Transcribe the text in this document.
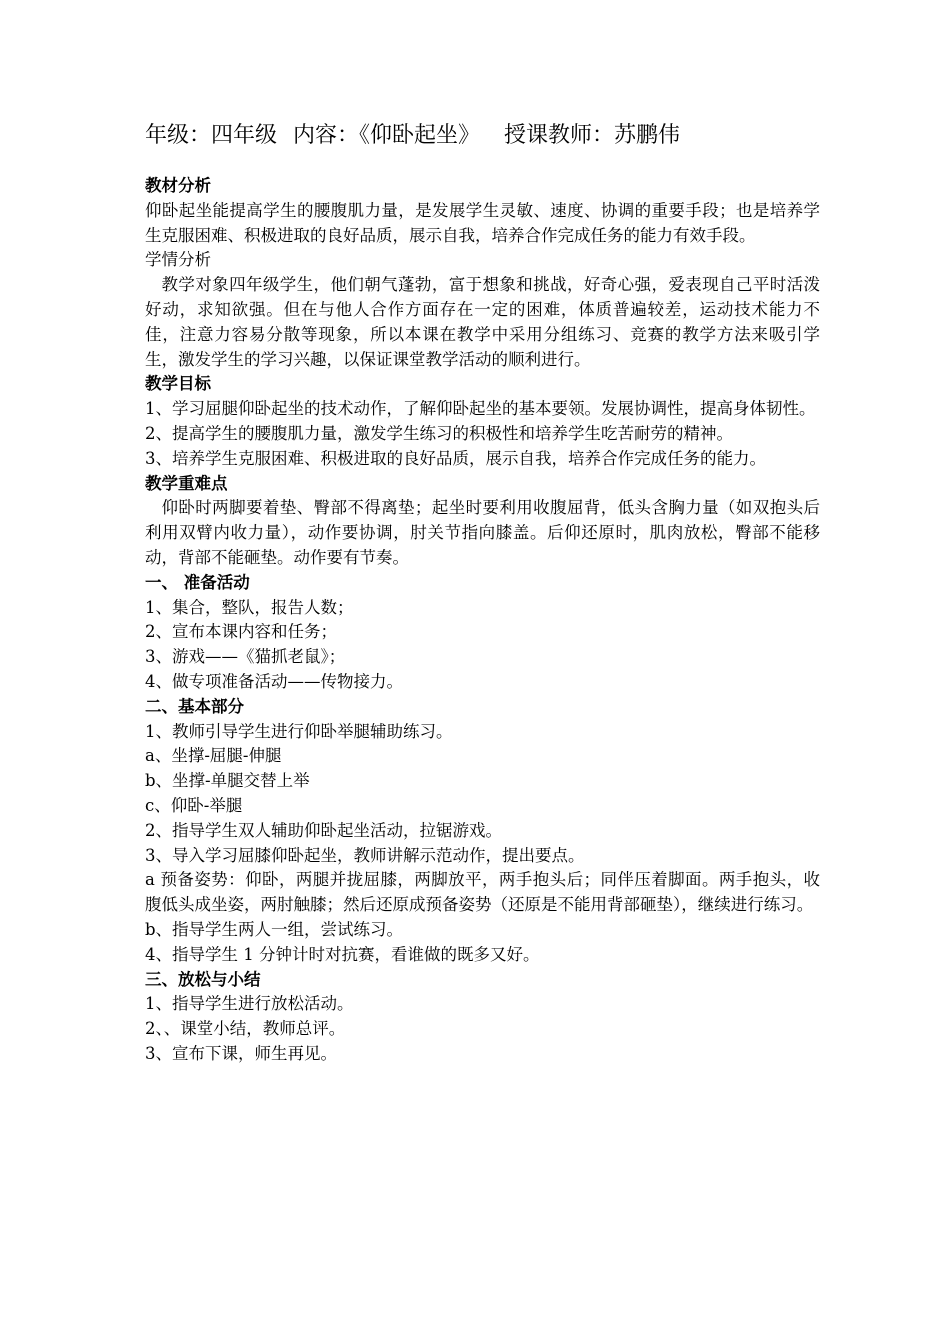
年级：四年级 内容：《仰卧起坐》 授课教师：苏鹏伟
教材分析
仰卧起坐能提高学生的腰腹肌力量，是发展学生灵敏、速度、协调的重要手段；也是培养学生克服困难、积极进取的良好品质，展示自我，培养合作完成任务的能力有效手段。
学情分析
教学对象四年级学生，他们朝气蓬勃，富于想象和挑战，好奇心强，爱表现自己平时活泼好动，求知欲强。但在与他人合作方面存在一定的困难，体质普遍较差，运动技术能力不佳，注意力容易分散等现象，所以本课在教学中采用分组练习、竞赛的教学方法来吸引学生，激发学生的学习兴趣，以保证课堂教学活动的顺利进行。
教学目标
1、学习屈腿仰卧起坐的技术动作，了解仰卧起坐的基本要领。发展协调性，提高身体韧性。
2、提高学生的腰腹肌力量，激发学生练习的积极性和培养学生吃苦耐劳的精神。
3、培养学生克服困难、积极进取的良好品质，展示自我，培养合作完成任务的能力。
教学重难点
仰卧时两脚要着垫、臀部不得离垫；起坐时要利用收腹屈背，低头含胸力量（如双抱头后利用双臂内收力量），动作要协调，肘关节指向膝盖。后仰还原时，肌肉放松，臀部不能移动，背部不能砸垫。动作要有节奏。
一、 准备活动
1、集合，整队，报告人数；
2、宣布本课内容和任务；
3、游戏——《猫抓老鼠》；
4、做专项准备活动——传物接力。
二、基本部分
1、教师引导学生进行仰卧举腿辅助练习。
a、坐撑-屈腿-伸腿
b、坐撑-单腿交替上举
c、仰卧-举腿
2、指导学生双人辅助仰卧起坐活动，拉锯游戏。
3、导入学习屈膝仰卧起坐，教师讲解示范动作，提出要点。
a 预备姿势：仰卧，两腿并拢屈膝，两脚放平，两手抱头后；同伴压着脚面。两手抱头，收腹低头成坐姿，两肘触膝；然后还原成预备姿势（还原是不能用背部砸垫），继续进行练习。
b、指导学生两人一组，尝试练习。
4、指导学生 1 分钟计时对抗赛，看谁做的既多又好。
三、放松与小结
1、指导学生进行放松活动。
2、、课堂小结，教师总评。
3、宣布下课，师生再见。
